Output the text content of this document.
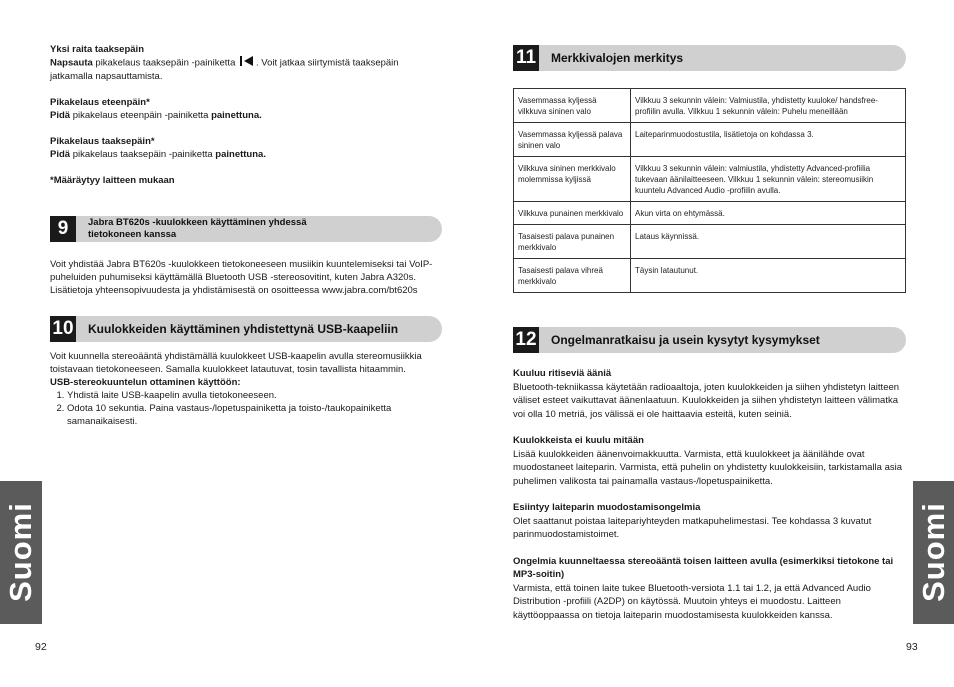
Yksi raita taaksepäin
Napsauta pikakelaus taaksepäin -painiketta . Voit jatkaa siirtymistä taaksepäin jatkamalla napsauttamista.
Pikakelaus eteenpäin*
Pidä pikakelaus eteenpäin -painiketta painettuna.
Pikakelaus taaksepäin*
Pidä pikakelaus taaksepäin -painiketta painettuna.
*Määräytyy laitteen mukaan
9	Jabra BT620s -kuulokkeen käyttäminen yhdessä
tietokoneen kanssa
Voit yhdistää Jabra BT620s -kuulokkeen tietokoneeseen musiikin kuuntelemiseksi tai VoIP-puheluiden puhumiseksi käyttämällä Bluetooth USB -stereosovitint, kuten Jabra A320s. Lisätietoja yhteensopivuudesta ja yhdistämisestä on osoitteessa www.jabra.com/bt620s
10 Kuulokkeiden käyttäminen yhdistettynä USB-kaapeliin
Voit kuunnella stereoääntä yhdistämällä kuulokkeet USB-kaapelin avulla stereomusiikkia toistavaan tietokoneeseen. Samalla kuulokkeet latautuvat, tosin tavallista hitaammin.
USB-stereokuuntelun ottaminen käyttöön:
1. Yhdistä laite USB-kaapelin avulla tietokoneeseen.
2. Odota 10 sekuntia. Paina vastaus-/lopetuspainiketta ja toisto-/taukopainiketta samanaikaisesti.
Suomi
92
11 Merkkivalojen merkitys
Vasemmassa kyljessä vilkkuva sininen valo	Vilkkuu 3 sekunnin välein: Valmiustila, yhdistetty kuuloke/ handsfree-profiilin avulla. Vilkkuu 1 sekunnin välein: Puhelu meneillään
Vasemmassa kyljessä palava sininen valo	Laiteparinmuodostustila, lisätietoja on kohdassa 3.
Vilkkuva sininen merkkivalo molemmissa kyljissä	Vilkkuu 3 sekunnin välein: valmiustila, yhdistetty Advanced-profiilia tukevaan äänilaitteeseen. Vilkkuu 1 sekunnin välein: stereomusiikin kuuntelu Advanced Audio -profiilin avulla.
Vilkkuva punainen merkkivalo	Akun virta on ehtymässä.
Tasaisesti palava punainen merkkivalo	Lataus käynnissä.
Tasaisesti palava vihreä merkkivalo	Täysin latautunut.
12 Ongelmanratkaisu ja usein kysytyt kysymykset
Kuuluu ritiseviä ääniä
Bluetooth-tekniikassa käytetään radioaaltoja, joten kuulokkeiden ja siihen yhdistetyn laitteen väliset esteet vaikuttavat äänenlaatuun. Kuulokkeiden ja siihen yhdistetyn laitteen välimatka voi olla 10 metriä, jos välissä ei ole haittaavia esteitä, kuten seiniä.
Kuulokkeista ei kuulu mitään
Lisää kuulokkeiden äänenvoimakkuutta. Varmista, että kuulokkeet ja äänilähde ovat muodostaneet laiteparin. Varmista, että puhelin on yhdistetty kuulokkeisiin, tarkistamalla asia puhelimen valikosta tai painamalla vastaus-/lopetuspainiketta.
Esiintyy laiteparin muodostamisongelmia
Olet saattanut poistaa laitepariyhteyden matkapuhelimestasi. Tee kohdassa 3 kuvatut parinmuodostamistoimet.
Ongelmia kuunneltaessa stereoääntä toisen laitteen avulla (esimerkiksi tietokone tai MP3-soitin)
Varmista, että toinen laite tukee Bluetooth-versiota 1.1 tai 1.2, ja että Advanced Audio Distribution -profiili (A2DP) on käytössä. Muutoin yhteys ei muodostu. Laitteen käyttöoppaassa on tietoja laiteparin muodostamisesta kuulokkeiden kanssa.
Suomi
93
